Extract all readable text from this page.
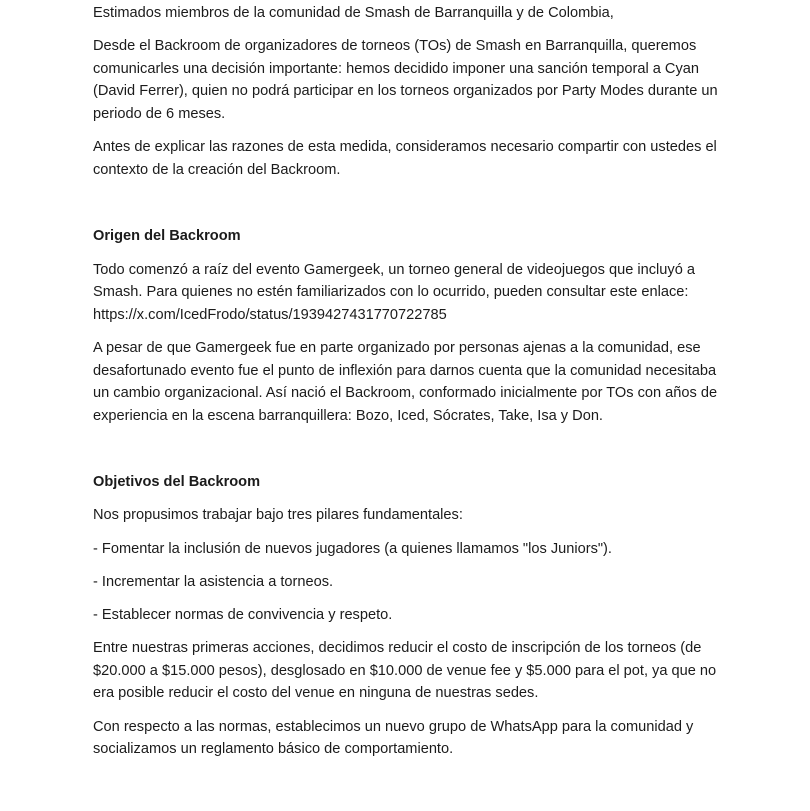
Estimados miembros de la comunidad de Smash de Barranquilla y de Colombia,

Desde el Backroom de organizadores de torneos (TOs) de Smash en Barranquilla, queremos comunicarles una decisión importante: hemos decidido imponer una sanción temporal a Cyan (David Ferrer), quien no podrá participar en los torneos organizados por Party Modes durante un periodo de 6 meses.

Antes de explicar las razones de esta medida, consideramos necesario compartir con ustedes el contexto de la creación del Backroom.

Origen del Backroom

Todo comenzó a raíz del evento Gamergeek, un torneo general de videojuegos que incluyó a Smash. Para quienes no estén familiarizados con lo ocurrido, pueden consultar este enlace: https://x.com/IcedFrodo/status/1939427431770722785

A pesar de que Gamergeek fue en parte organizado por personas ajenas a la comunidad, ese desafortunado evento fue el punto de inflexión para darnos cuenta que la comunidad necesitaba un cambio organizacional. Así nació el Backroom, conformado inicialmente por TOs con años de experiencia en la escena barranquillera: Bozo, Iced, Sócrates, Take, Isa y Don.

Objetivos del Backroom

Nos propusimos trabajar bajo tres pilares fundamentales:

- Fomentar la inclusión de nuevos jugadores (a quienes llamamos "los Juniors").

- Incrementar la asistencia a torneos.

- Establecer normas de convivencia y respeto.

Entre nuestras primeras acciones, decidimos reducir el costo de inscripción de los torneos (de $20.000 a $15.000 pesos), desglosado en $10.000 de venue fee y $5.000 para el pot, ya que no era posible reducir el costo del venue en ninguna de nuestras sedes.

Con respecto a las normas, establecimos un nuevo grupo de WhatsApp para la comunidad y socializamos un reglamento básico de comportamiento.
